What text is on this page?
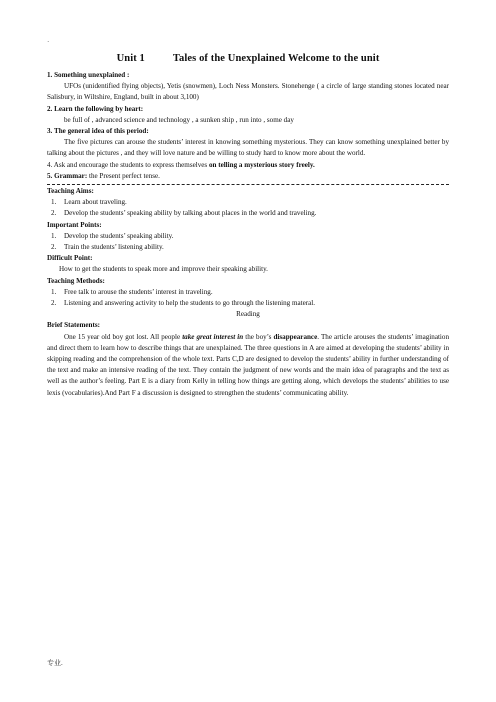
·
Unit 1	Tales of the Unexplained Welcome to the unit
1. Something unexplained :
UFOs (unidentified flying objects), Yetis (snowmen), Loch Ness Monsters. Stonehenge ( a circle of large standing stones located near Salisbury, in Wiltshire, England, built in about 3,100)
2. Learn the following by heart:
be full of , advanced science and technology , a sunken ship , run into , some day
3. The general idea of this period:
The five pictures can arouse the students’ interest in knowing something mysterious. They can know something unexplained better by talking about the pictures , and they will love nature and be willing to study hard to know more about the world.
4. Ask and encourage the students to express themselves on telling a mysterious story freely.
5. Grammar: the Present perfect tense.
Teaching Aims:
1.	Learn about traveling.
2.	Develop the students’ speaking ability by talking about places in the world and traveling.
Important Points:
1.	Develop the students’ speaking ability.
2.	Train the students’ listening ability.
Difficult Point:
How to get the students to speak more and improve their speaking ability.
Teaching Methods:
1.	Free talk to arouse the students’ interest in traveling.
2.	Listening and answering activity to help the students to go through the listening materal.
Reading
Brief Statements:
One 15 year old boy got lost. All people take great interest in the boy’s disappearance. The article arouses the students’ imagination and direct them to learn how to describe things that are unexplained. The three questions in A are aimed at developing the students’ ability in skipping reading and the comprehension of the whole text. Parts C,D are designed to develop the students’ ability in further understanding of the text and make an intensive reading of the text. They contain the judgment of new words and the main idea of paragraphs and the text as well as the author’s feeling. Part E is a diary from Kelly in telling how things are getting along, which develops the students’ abilities to use lexis (vocabularies).And Part F a discussion is designed to strengthen the students’ communicating ability.
专业.
